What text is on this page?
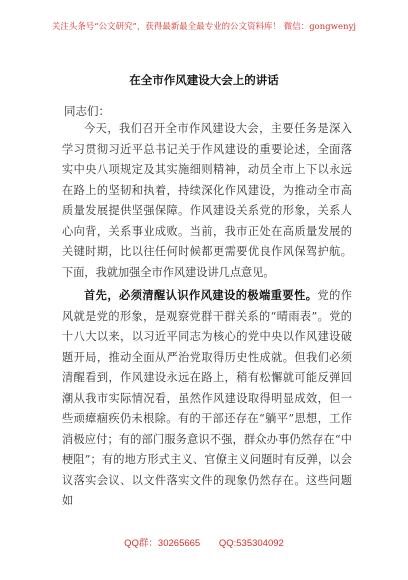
关注头条号“公文研究”，获得最新最全最专业的公文资料库！ 微信：gongwenyj
在全市作风建设大会上的讲话
同志们：

今天，我们召开全市作风建设大会，主要任务是深入学习贯彻习近平总书记关于作风建设的重要论述，全面落实中央八项规定及其实施细则精神，动员全市上下以永远在路上的坚韧和执着，持续深化作风建设，为推动全市高质量发展提供坚强保障。作风建设关系党的形象，关系人心向背，关系事业成败。当前，我市正处在高质量发展的关键时期，比以往任何时候都更需要优良作风保驾护航。下面，我就加强全市作风建设讲几点意见。

首先，必须清醒认识作风建设的极端重要性。党的作风就是党的形象，是观察党群干群关系的“晴雨表”。党的十八大以来，以习近平同志为核心的党中央以作风建设破题开局，推动全面从严治党取得历史性成就。但我们必须清醒看到，作风建设永远在路上，稍有松懈就可能反弹回潮从我市实际情况看，虽然作风建设取得明显成效，但一些顽瘴痼疾仍未根除。有的干部还存在“躺平”思想，工作消极应付；有的部门服务意识不强，群众办事仍然存在“中梗阻”；有的地方形式主义、官僚主义问题时有反弹，以会议落实会议、以文件落实文件的现象仍然存在。这些问题如

QQ群：30265665 QQ:535304092
